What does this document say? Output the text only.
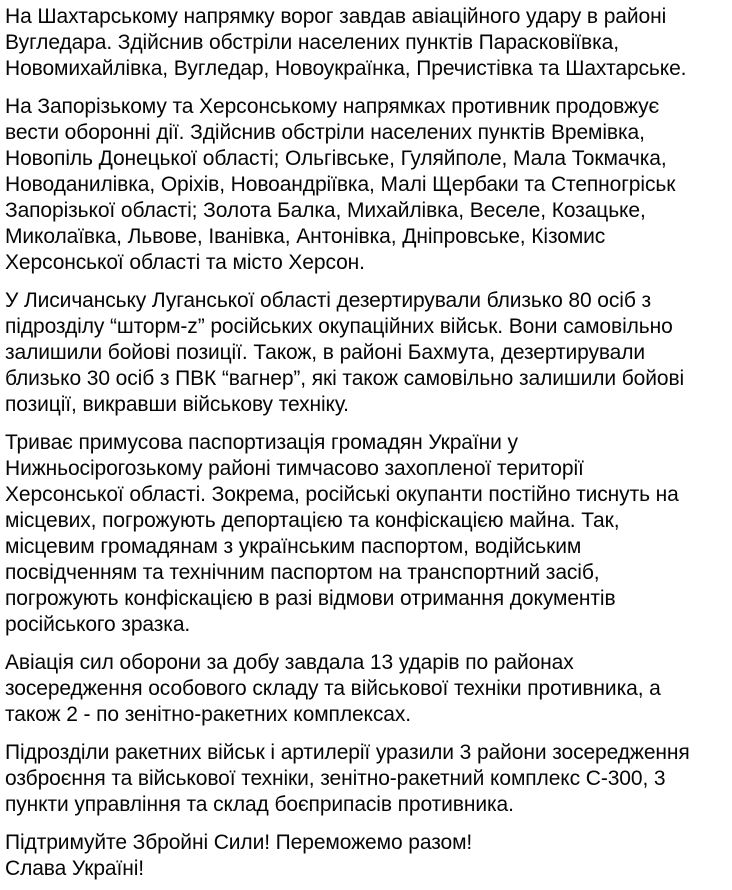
На Шахтарському напрямку ворог завдав авіаційного удару в районі Вугледара. Здійснив обстріли населених пунктів Парасковіївка, Новомихайлівка, Вугледар, Новоукраїнка, Пречистівка та Шахтарське.

На Запорізькому та Херсонському напрямках противник продовжує вести оборонні дії. Здійснив обстріли населених пунктів Времівка, Новопіль Донецької області; Ольгівське, Гуляйполе, Мала Токмачка, Новоданилівка, Оріхів, Новоандріївка, Малі Щербаки та Степногріськ Запорізької області; Золота Балка, Михайлівка, Веселе, Козацьке, Миколаївка, Львове, Іванівка, Антонівка, Дніпровське, Кізомис Херсонської області та місто Херсон.

У Лисичанську Луганської області дезертирували близько 80 осіб з підрозділу “шторм-z” російських окупаційних військ. Вони самовільно залишили бойові позиції. Також, в районі Бахмута, дезертирували близько 30 осіб з ПВК “вагнер”, які також самовільно залишили бойові позиції, викравши військову техніку.

Триває примусова паспортизація громадян України у Нижньосірогозькому районі тимчасово захопленої території Херсонської області. Зокрема, російські окупанти постійно тиснуть на місцевих, погрожують депортацією та конфіскацією майна. Так, місцевим громадянам з українським паспортом, водійським посвідченням та технічним паспортом на транспортний засіб, погрожують конфіскацією в разі відмови отримання документів російського зразка.

Авіація сил оборони за добу завдала 13 ударів по районах зосередження особового складу та військової техніки противника, а також 2 - по зенітно-ракетних комплексах.

Підрозділи ракетних військ і артилерії уразили 3 райони зосередження озброєння та військової техніки, зенітно-ракетний комплекс С-300, 3 пункти управління та склад боєприпасів противника.

Підтримуйте Збройні Сили! Переможемо разом!
Слава Україні!
